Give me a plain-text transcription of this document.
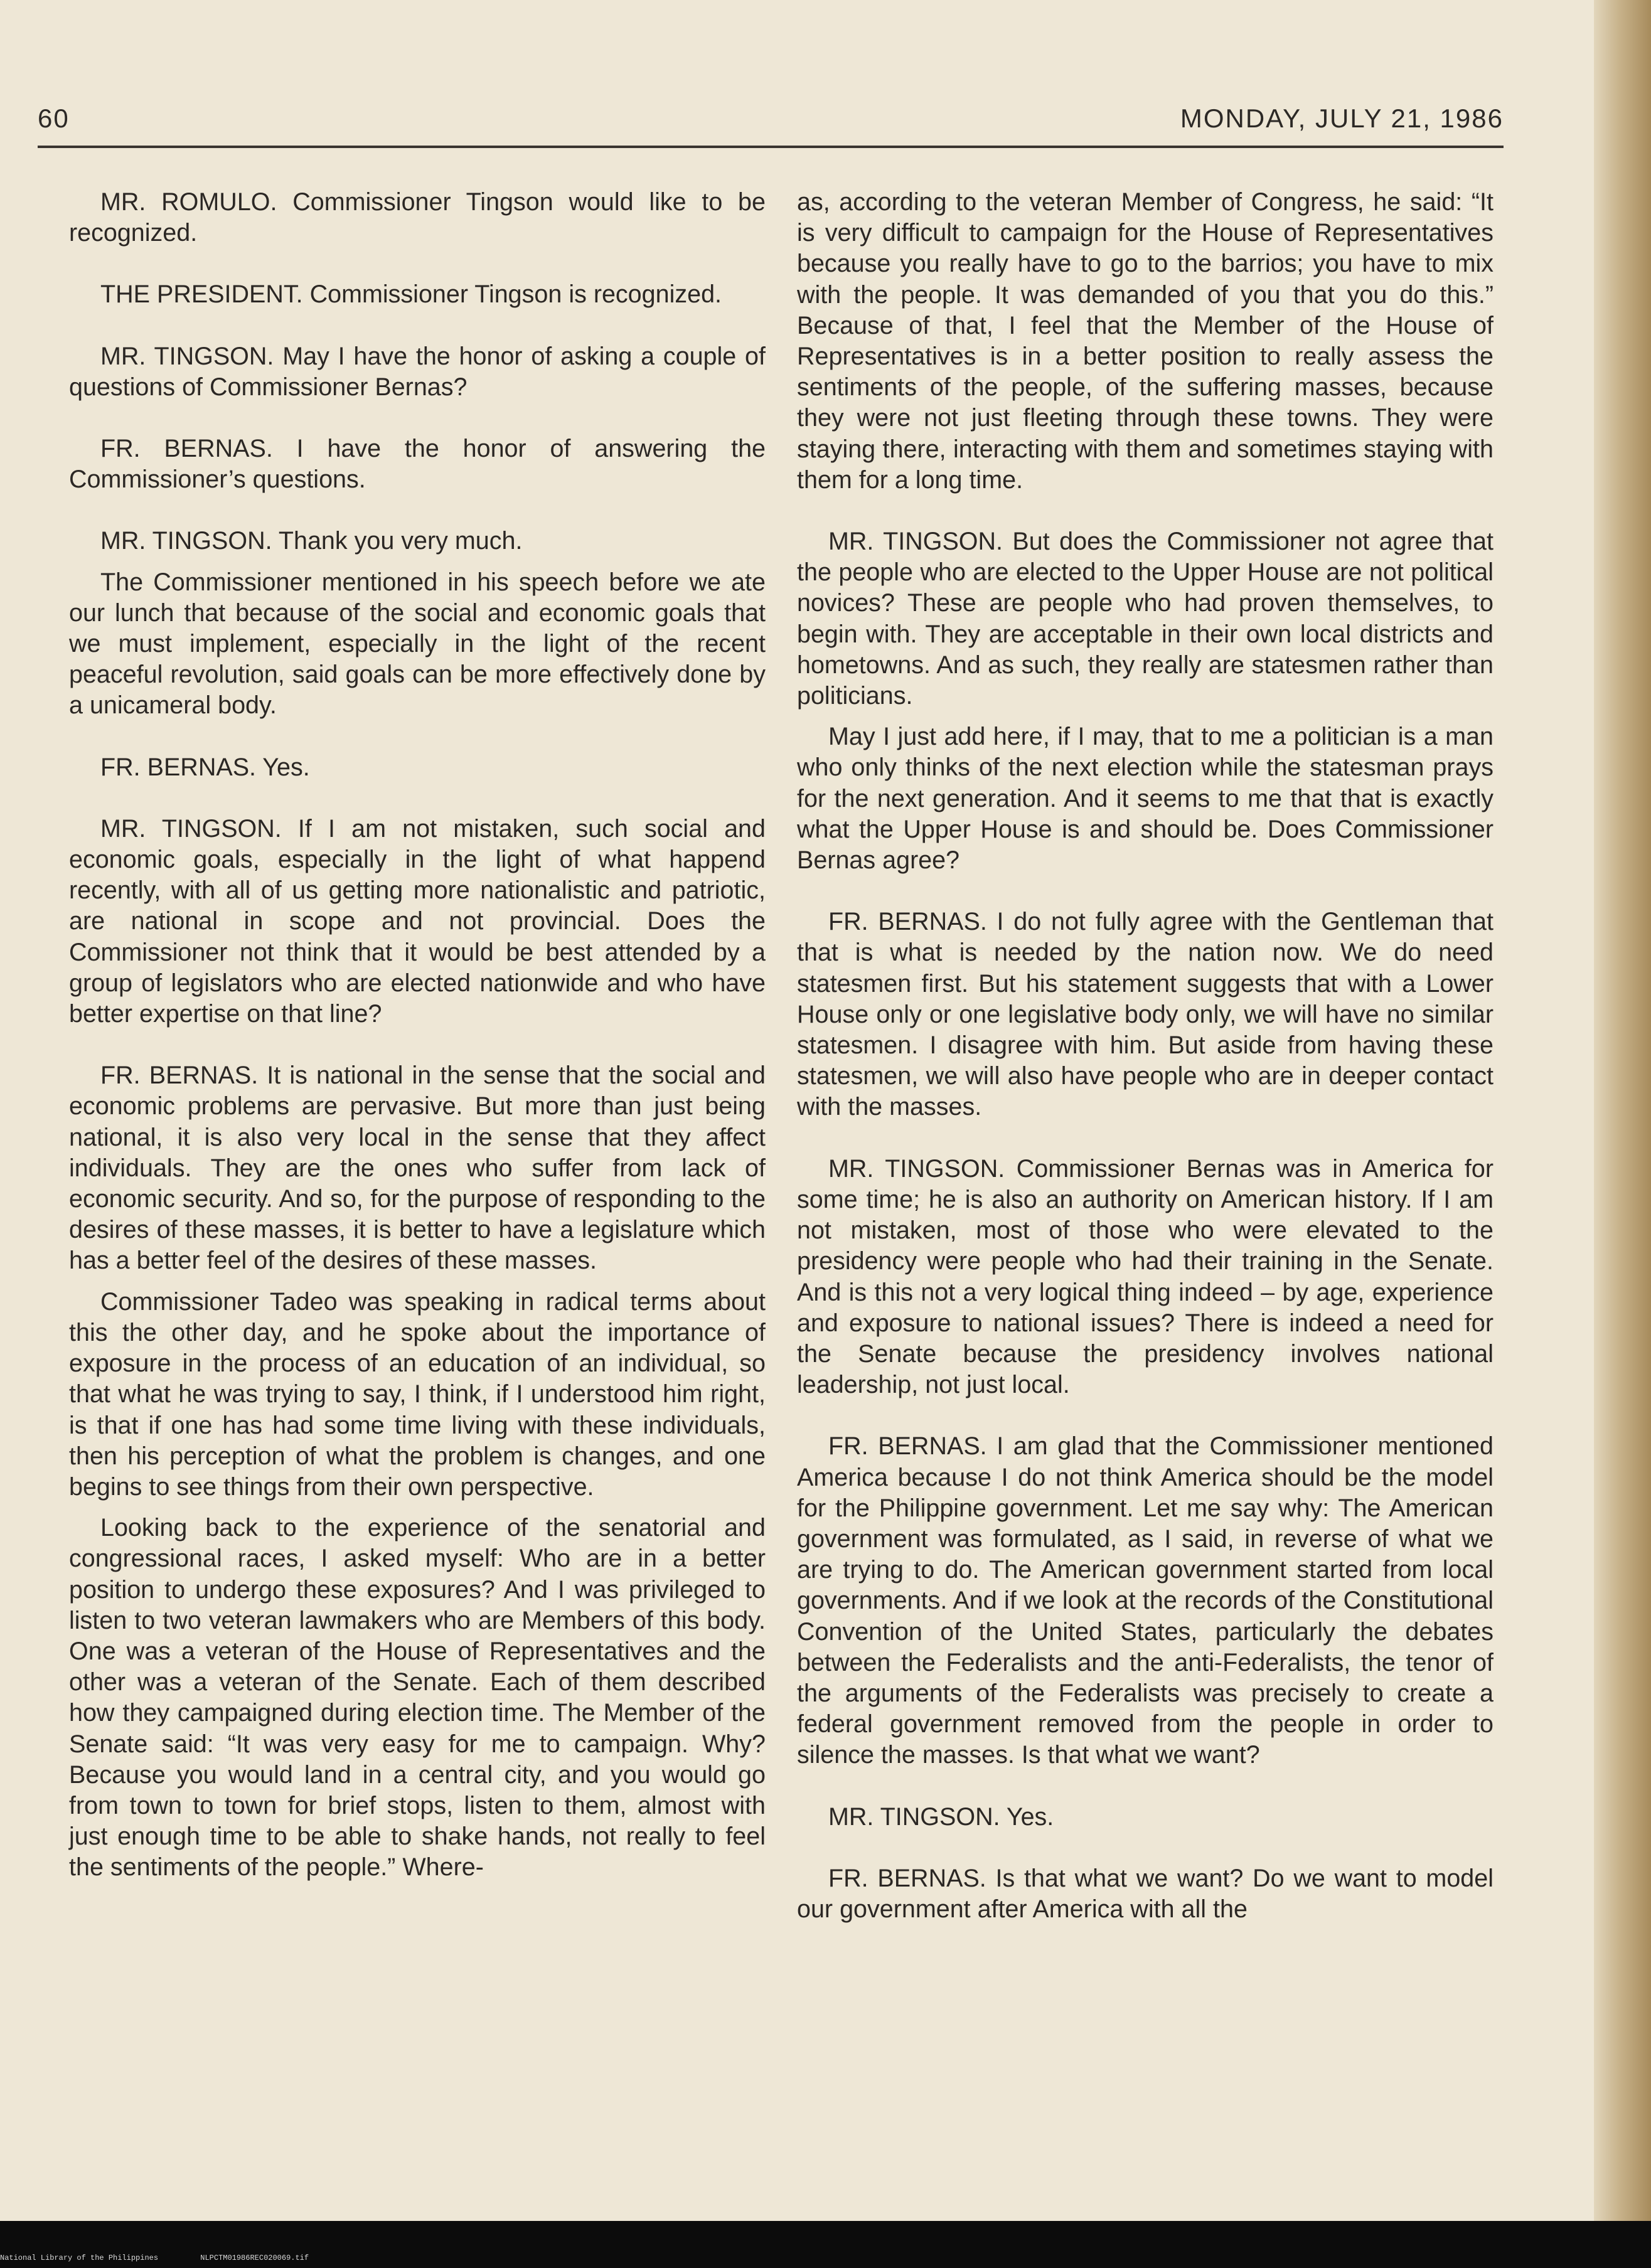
60	MONDAY, JULY 21, 1986

MR. ROMULO. Commissioner Tingson would like to be recognized.

THE PRESIDENT. Commissioner Tingson is recognized.

MR. TINGSON. May I have the honor of asking a couple of questions of Commissioner Bernas?

FR. BERNAS. I have the honor of answering the Commissioner’s questions.

MR. TINGSON. Thank you very much.

The Commissioner mentioned in his speech before we ate our lunch that because of the social and economic goals that we must implement, especially in the light of the recent peaceful revolution, said goals can be more effectively done by a unicameral body.

FR. BERNAS. Yes.

MR. TINGSON. If I am not mistaken, such social and economic goals, especially in the light of what happend recently, with all of us getting more nationalistic and patriotic, are national in scope and not provincial. Does the Commissioner not think that it would be best attended by a group of legislators who are elected nationwide and who have better expertise on that line?

FR. BERNAS. It is national in the sense that the social and economic problems are pervasive. But more than just being national, it is also very local in the sense that they affect individuals. They are the ones who suffer from lack of economic security. And so, for the purpose of responding to the desires of these masses, it is better to have a legislature which has a better feel of the desires of these masses.

Commissioner Tadeo was speaking in radical terms about this the other day, and he spoke about the importance of exposure in the process of an education of an individual, so that what he was trying to say, I think, if I understood him right, is that if one has had some time living with these individuals, then his perception of what the problem is changes, and one begins to see things from their own perspective.

Looking back to the experience of the senatorial and congressional races, I asked myself: Who are in a better position to undergo these exposures? And I was privileged to listen to two veteran lawmakers who are Members of this body. One was a veteran of the House of Representatives and the other was a veteran of the Senate. Each of them described how they campaigned during election time. The Member of the Senate said: “It was very easy for me to campaign. Why? Because you would land in a central city, and you would go from town to town for brief stops, listen to them, almost with just enough time to be able to shake hands, not really to feel the sentiments of the people.” Where-

as, according to the veteran Member of Congress, he said: “It is very difficult to campaign for the House of Representatives because you really have to go to the barrios; you have to mix with the people. It was demanded of you that you do this.” Because of that, I feel that the Member of the House of Representatives is in a better position to really assess the sentiments of the people, of the suffering masses, because they were not just fleeting through these towns. They were staying there, interacting with them and sometimes staying with them for a long time.

MR. TINGSON. But does the Commissioner not agree that the people who are elected to the Upper House are not political novices? These are people who had proven themselves, to begin with. They are acceptable in their own local districts and hometowns. And as such, they really are statesmen rather than politicians.

May I just add here, if I may, that to me a politician is a man who only thinks of the next election while the statesman prays for the next generation. And it seems to me that that is exactly what the Upper House is and should be. Does Commissioner Bernas agree?

FR. BERNAS. I do not fully agree with the Gentleman that that is what is needed by the nation now. We do need statesmen first. But his statement suggests that with a Lower House only or one legislative body only, we will have no similar statesmen. I disagree with him. But aside from having these statesmen, we will also have people who are in deeper contact with the masses.

MR. TINGSON. Commissioner Bernas was in America for some time; he is also an authority on American history. If I am not mistaken, most of those who were elevated to the presidency were people who had their training in the Senate. And is this not a very logical thing indeed – by age, experience and exposure to national issues? There is indeed a need for the Senate because the presidency involves national leadership, not just local.

FR. BERNAS. I am glad that the Commissioner mentioned America because I do not think America should be the model for the Philippine government. Let me say why: The American government was formulated, as I said, in reverse of what we are trying to do. The American government started from local governments. And if we look at the records of the Constitutional Convention of the United States, particularly the debates between the Federalists and the anti-Federalists, the tenor of the arguments of the Federalists was precisely to create a federal government removed from the people in order to silence the masses. Is that what we want?

MR. TINGSON. Yes.

FR. BERNAS. Is that what we want? Do we want to model our government after America with all the

National Library of the Philippines	NLPCTM01986REC020069.tif
